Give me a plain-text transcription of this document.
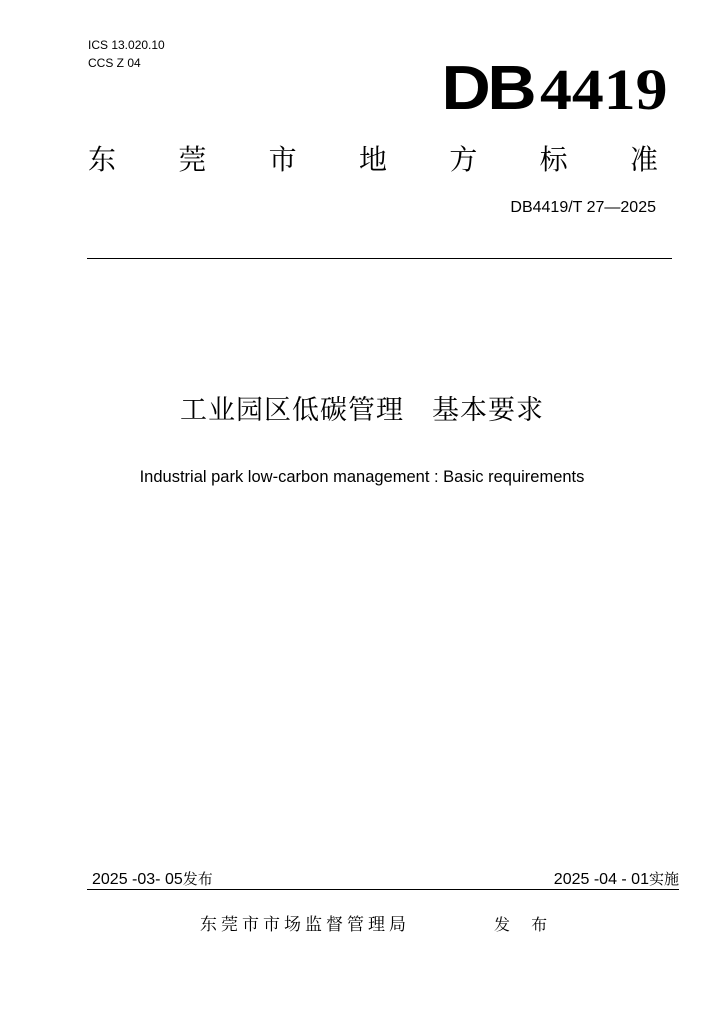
ICS 13.020.10
CCS Z 04	DB 4419
东 莞 市 地 方 标 准
DB4419/T 27—2025
工业园区低碳管理 基本要求
Industrial park low-carbon management : Basic requirements
2025 -03- 05发布	2025 -04 - 01实施
东莞市市场监督管理局	发 布
